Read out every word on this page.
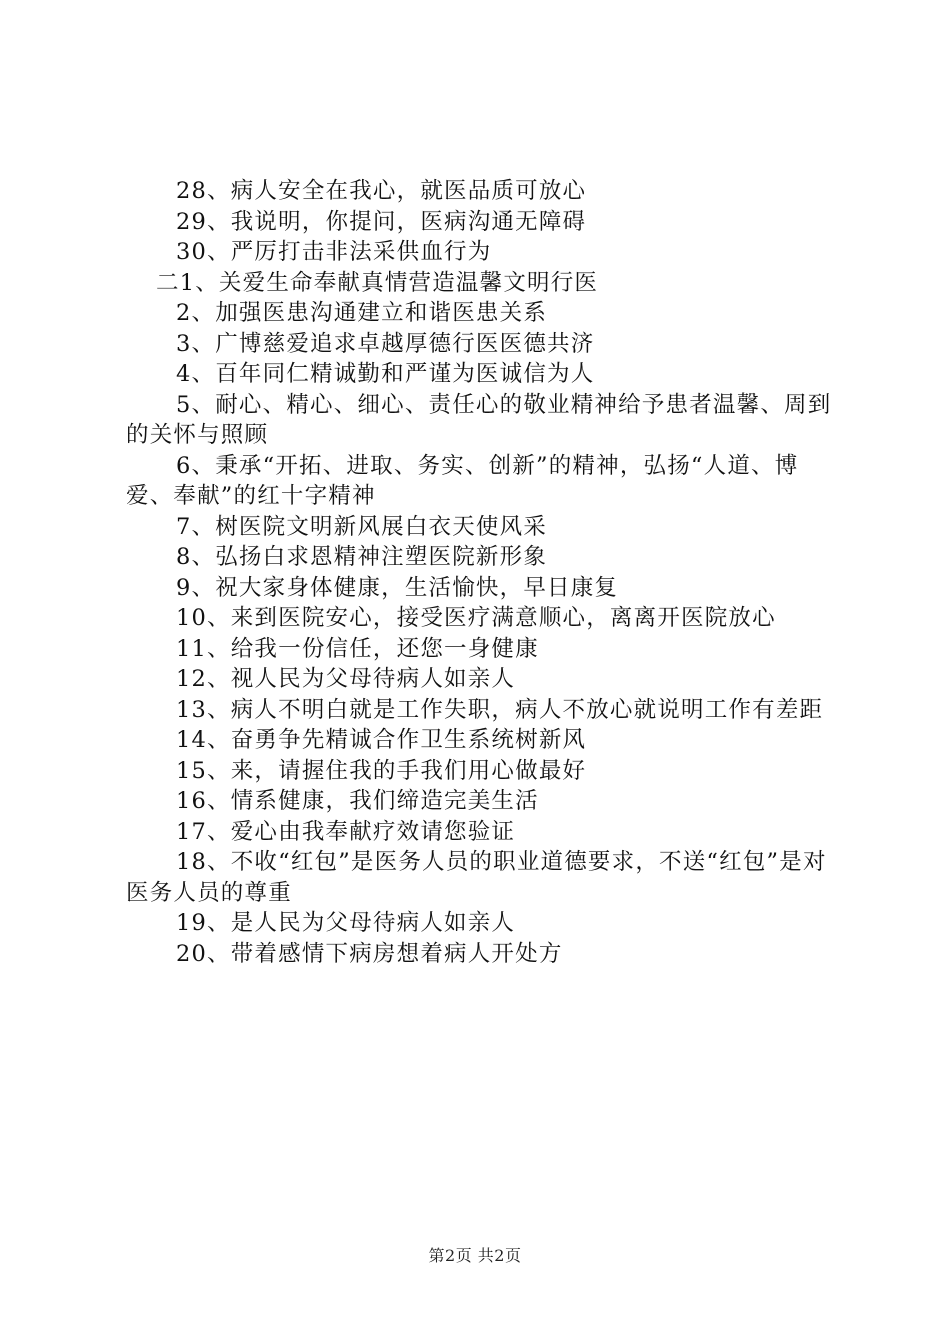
28、病人安全在我心，就医品质可放心

29、我说明，你提问，医病沟通无障碍

30、严厉打击非法采供血行为

二1、关爱生命奉献真情营造温馨文明行医

2、加强医患沟通建立和谐医患关系

3、广博慈爱追求卓越厚德行医医德共济

4、百年同仁精诚勤和严谨为医诚信为人

5、耐心、精心、细心、责任心的敬业精神给予患者温馨、周到的关怀与照顾

6、秉承“开拓、进取、务实、创新”的精神，弘扬“人道、博爱、奉献”的红十字精神

7、树医院文明新风展白衣天使风采

8、弘扬白求恩精神注塑医院新形象

9、祝大家身体健康，生活愉快，早日康复

10、来到医院安心，接受医疗满意顺心，离离开医院放心

11、给我一份信任，还您一身健康

12、视人民为父母待病人如亲人

13、病人不明白就是工作失职，病人不放心就说明工作有差距

14、奋勇争先精诚合作卫生系统树新风

15、来，请握住我的手我们用心做最好

16、情系健康，我们缔造完美生活

17、爱心由我奉献疗效请您验证

18、不收“红包”是医务人员的职业道德要求，不送“红包”是对医务人员的尊重

19、是人民为父母待病人如亲人

20、带着感情下病房想着病人开处方

第2页 共2页
